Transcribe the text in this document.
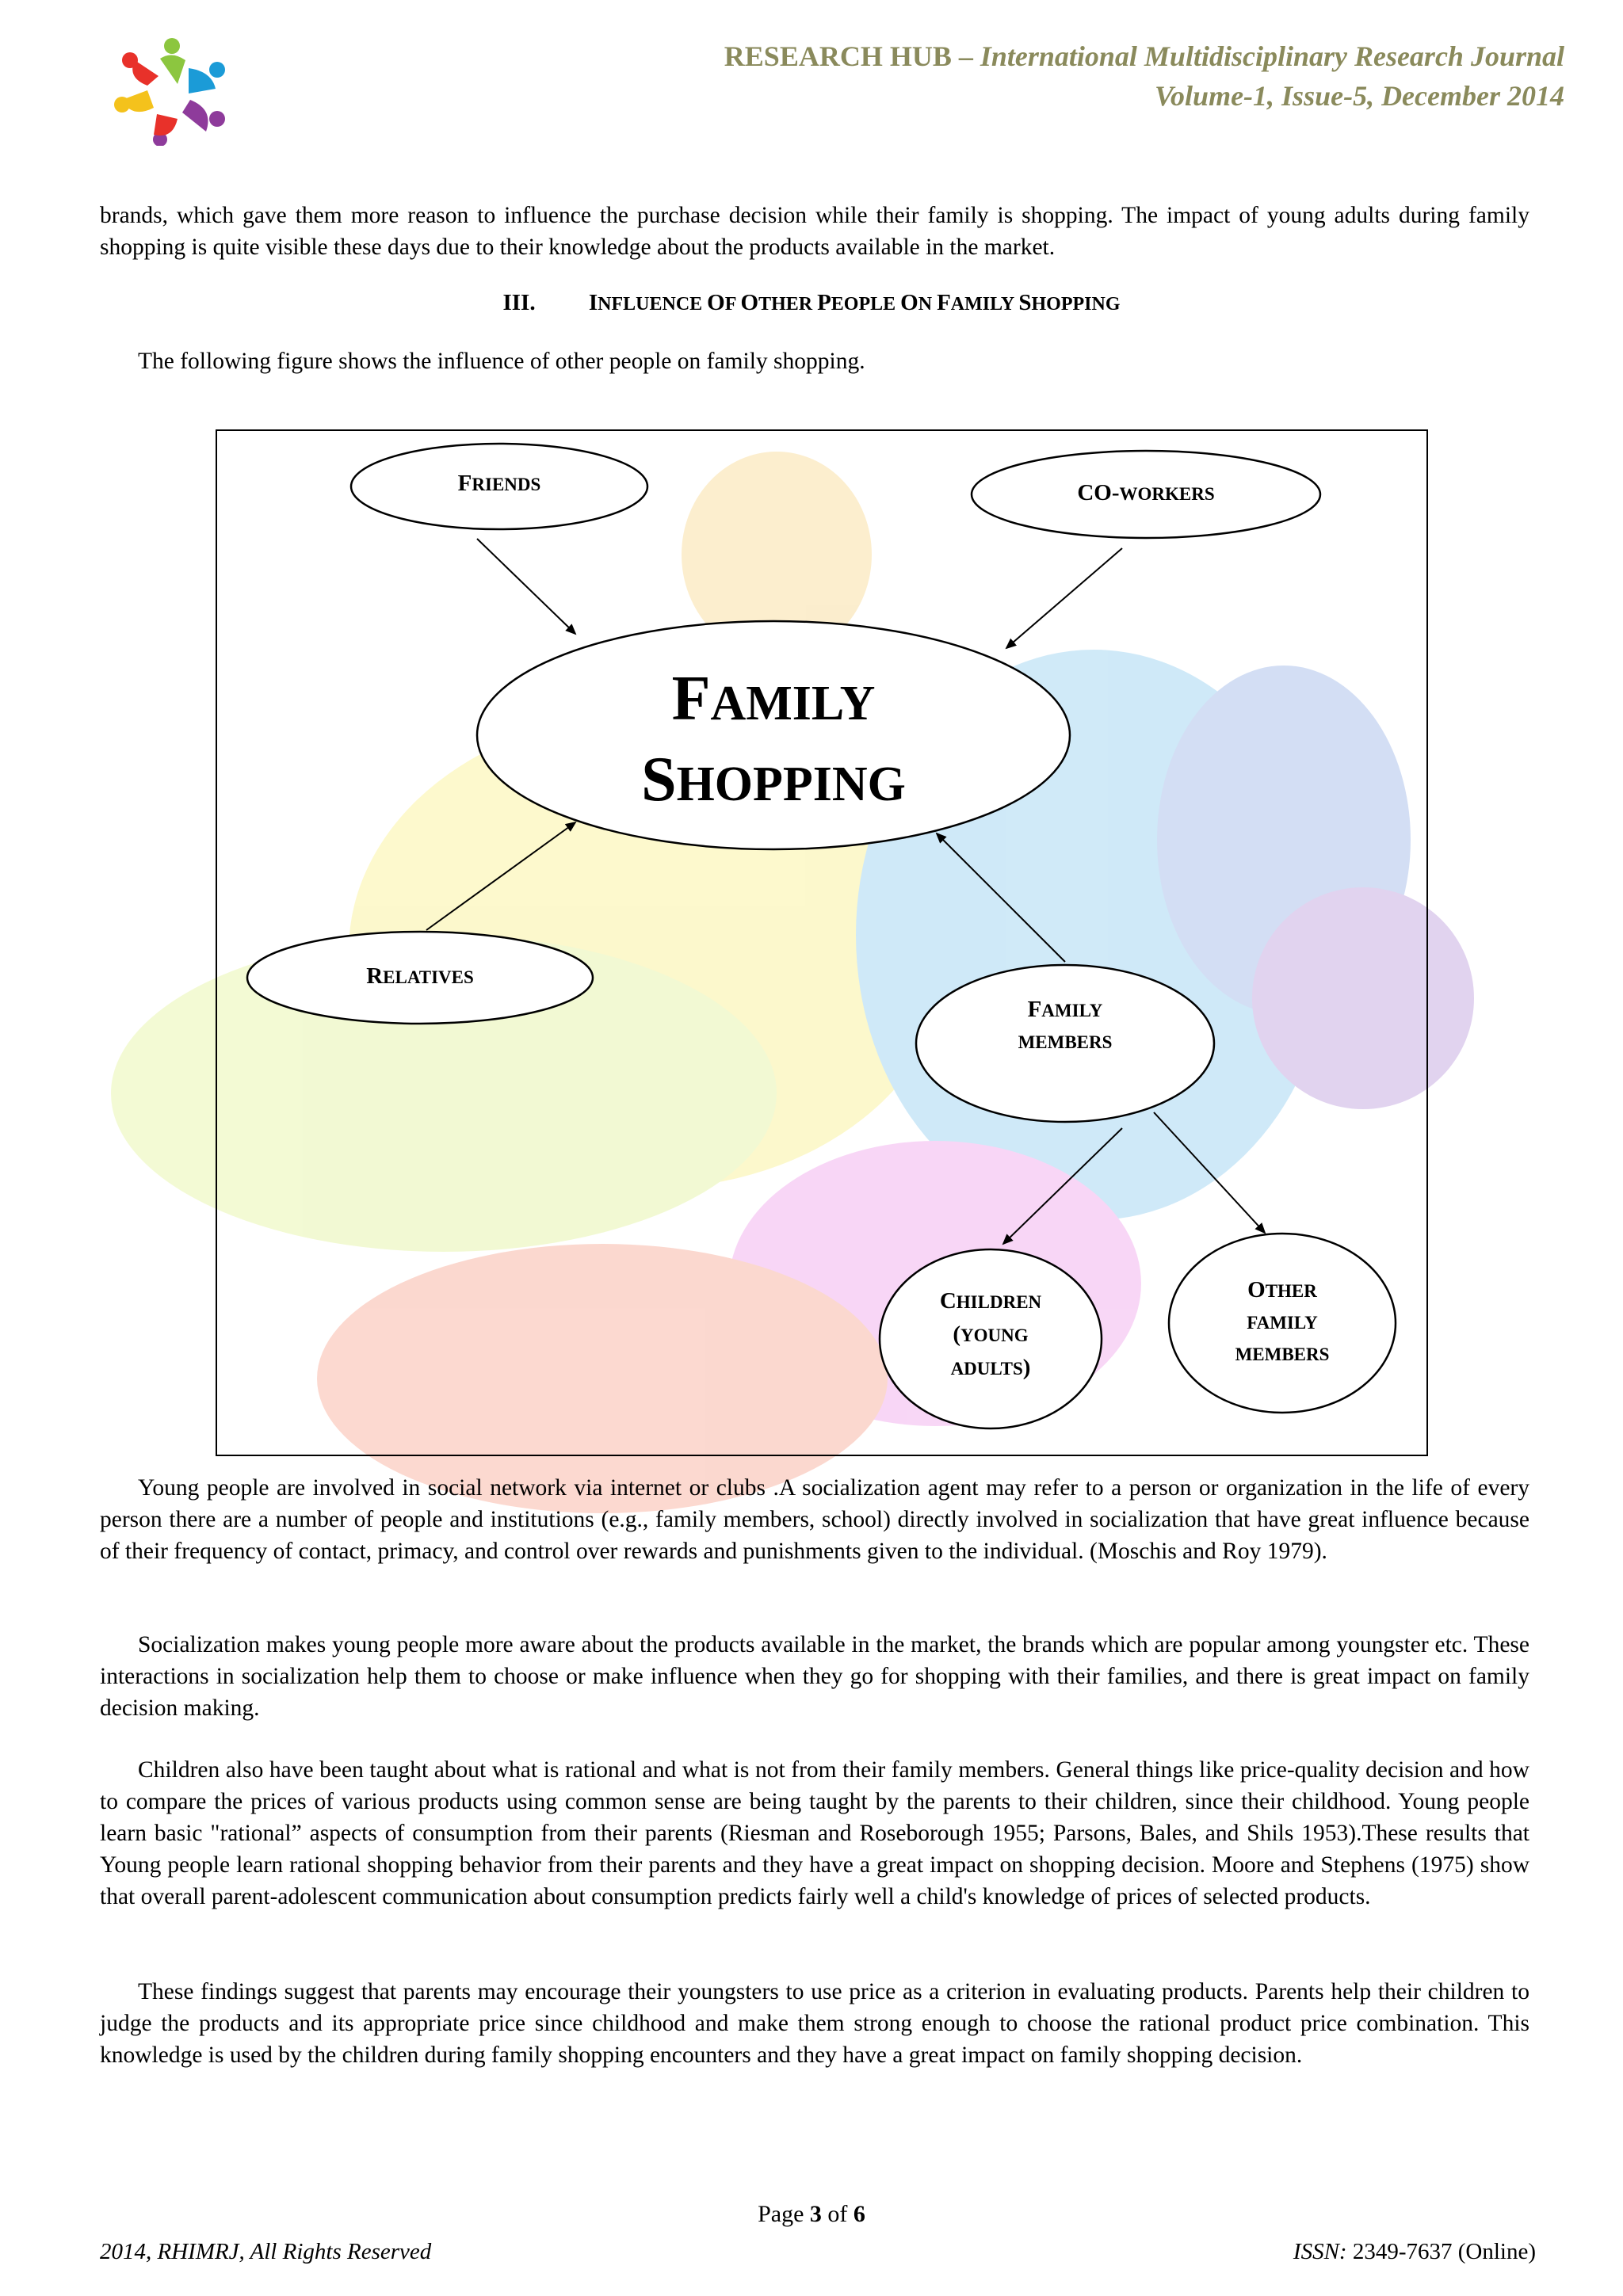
RESEARCH HUB – International Multidisciplinary Research Journal
Volume-1, Issue-5, December 2014
brands, which gave them more reason to influence the purchase decision while their family is shopping. The impact of young adults during family shopping is quite visible these days due to their knowledge about the products available in the market.
III. INFLUENCE OF OTHER PEOPLE ON FAMILY SHOPPING
The following figure shows the influence of other people on family shopping.
FRIENDS	CO-WORKERS
FAMILY
SHOPPING
RELATIVES
FAMILY
MEMBERS
CHILDREN
(YOUNG
ADULTS)
OTHER
FAMILY
MEMBERS
Young people are involved in social network via internet or clubs .A socialization agent may refer to a person or organization in the life of every person there are a number of people and institutions (e.g., family members, school) directly involved in socialization that have great influence because of their frequency of contact, primacy, and control over rewards and punishments given to the individual. (Moschis and Roy 1979).
Socialization makes young people more aware about the products available in the market, the brands which are popular among youngster etc. These interactions in socialization help them to choose or make influence when they go for shopping with their families, and there is great impact on family decision making.
Children also have been taught about what is rational and what is not from their family members. General things like price-quality decision and how to compare the prices of various products using common sense are being taught by the parents to their children, since their childhood. Young people learn basic "rational” aspects of consumption from their parents (Riesman and Roseborough 1955; Parsons, Bales, and Shils 1953).These results that Young people learn rational shopping behavior from their parents and they have a great impact on shopping decision. Moore and Stephens (1975) show that overall parent-adolescent communication about consumption predicts fairly well a child's knowledge of prices of selected products.
These findings suggest that parents may encourage their youngsters to use price as a criterion in evaluating products. Parents help their children to judge the products and its appropriate price since childhood and make them strong enough to choose the rational product price combination. This knowledge is used by the children during family shopping encounters and they have a great impact on family shopping decision.
Page 3 of 6
2014, RHIMRJ, All Rights Reserved	ISSN: 2349-7637 (Online)
